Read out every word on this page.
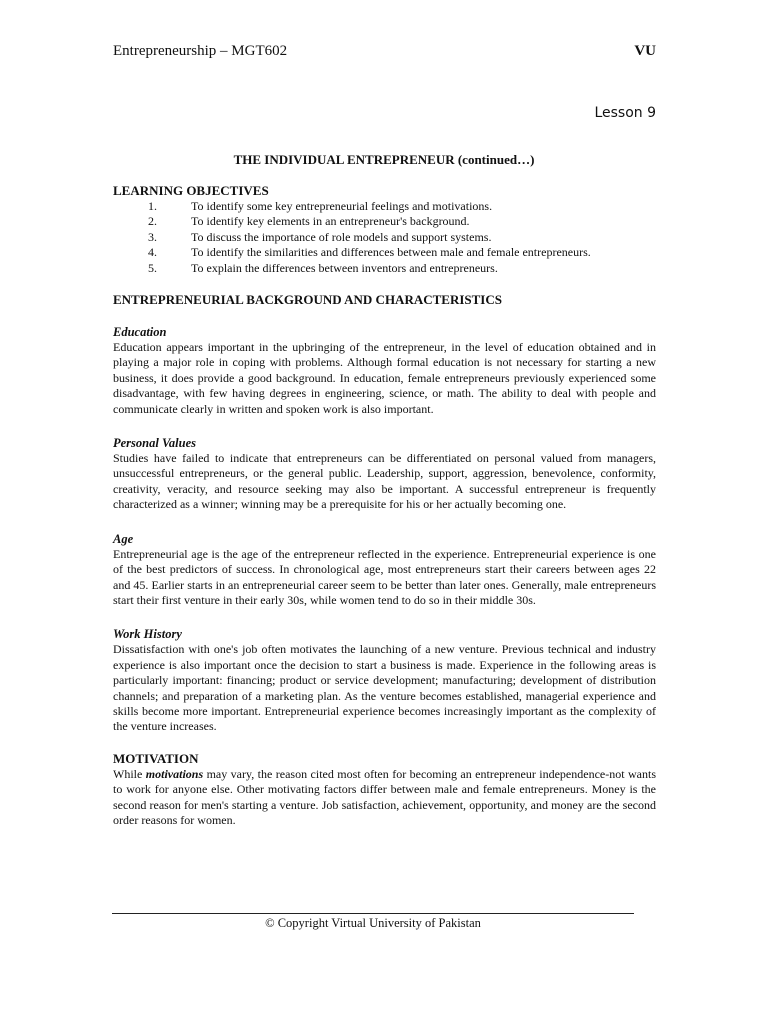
Entrepreneurship – MGT602	VU
Lesson 9
THE INDIVIDUAL ENTREPRENEUR (continued…)
LEARNING OBJECTIVES
1.	To identify some key entrepreneurial feelings and motivations.
2.	To identify key elements in an entrepreneur's background.
3.	To discuss the importance of role models and support systems.
4.	To identify the similarities and differences between male and female entrepreneurs.
5.	To explain the differences between inventors and entrepreneurs.
ENTREPRENEURIAL BACKGROUND AND CHARACTERISTICS
Education

Education appears important in the upbringing of the entrepreneur, in the level of education obtained and in playing a major role in coping with problems. Although formal education is not necessary for starting a new business, it does provide a good background. In education, female entrepreneurs previously experienced some disadvantage, with few having degrees in engineering, science, or math. The ability to deal with people and communicate clearly in written and spoken work is also important.

Personal Values

Studies have failed to indicate that entrepreneurs can be differentiated on personal valued from managers, unsuccessful entrepreneurs, or the general public. Leadership, support, aggression, benevolence, conformity, creativity, veracity, and resource seeking may also be important. A successful entrepreneur is frequently characterized as a winner; winning may be a prerequisite for his or her actually becoming one.

Age

Entrepreneurial age is the age of the entrepreneur reflected in the experience. Entrepreneurial experience is one of the best predictors of success. In chronological age, most entrepreneurs start their careers between ages 22 and 45. Earlier starts in an entrepreneurial career seem to be better than later ones. Generally, male entrepreneurs start their first venture in their early 30s, while women tend to do so in their middle 30s.

Work History

Dissatisfaction with one's job often motivates the launching of a new venture. Previous technical and industry experience is also important once the decision to start a business is made. Experience in the following areas is particularly important: financing; product or service development; manufacturing; development of distribution channels; and preparation of a marketing plan. As the venture becomes established, managerial experience and skills become more important. Entrepreneurial experience becomes increasingly important as the complexity of the venture increases.

MOTIVATION

While motivations may vary, the reason cited most often for becoming an entrepreneur independence-not wants to work for anyone else. Other motivating factors differ between male and female entrepreneurs. Money is the second reason for men's starting a venture. Job satisfaction, achievement, opportunity, and money are the second order reasons for women.

© Copyright Virtual University of Pakistan
